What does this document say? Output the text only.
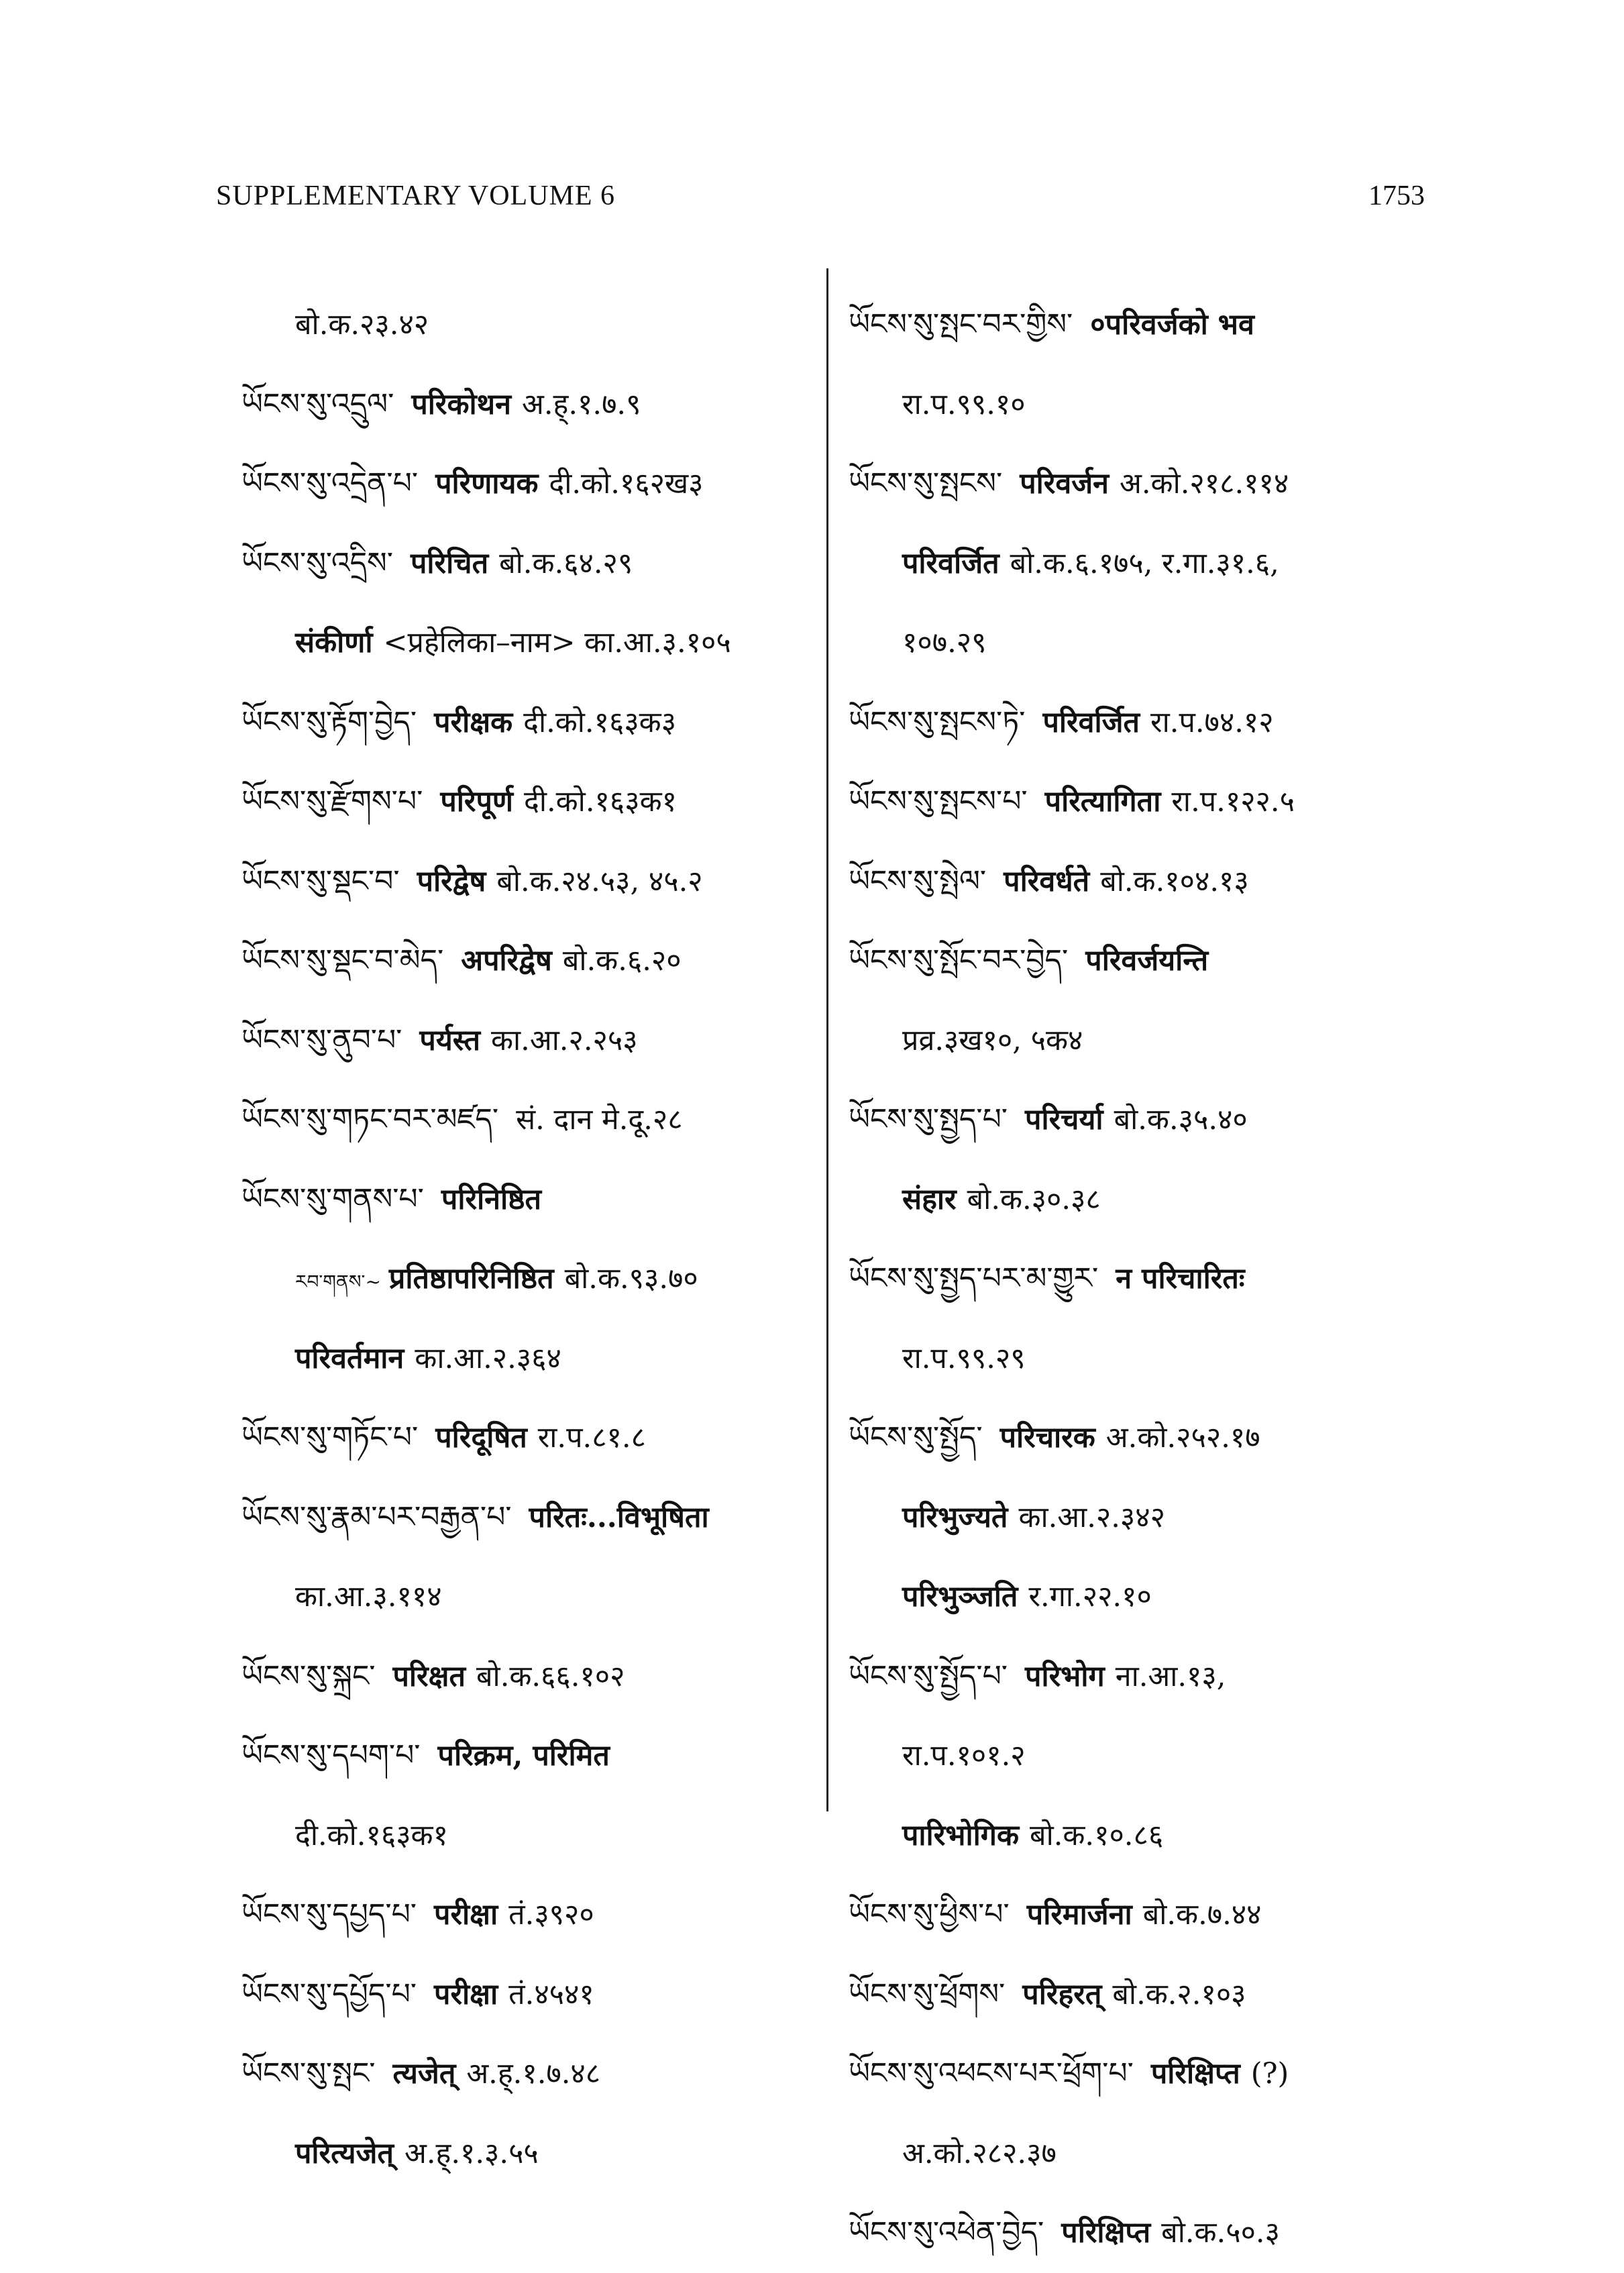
SUPPLEMENTARY VOLUME 6	1753
बो.क.२३.४२
ཡོངས་སུ་འདྲུལ་ परिकोथन अ.ह्.१.७.९
ཡོངས་སུ་འདྲེན་པ་ परिणायक दी.को.१६२ख३
ཡོངས་སུ་འདྲིས་ परिचित बो.क.६४.२९
संकीर्णा <प्रहेलिका–नाम> का.आ.३.१०५
ཡོངས་སུ་རྟོག་བྱེད་ परीक्षक दी.को.१६३क३
ཡོངས་སུ་རྫོགས་པ་ परिपूर्ण दी.को.१६३क१
ཡོངས་སུ་སྡང་བ་ परिद्वेष बो.क.२४.५३, ४५.२
ཡོངས་སུ་སྡང་བ་མེད་ अपरिद्वेष बो.क.६.२०
ཡོངས་སུ་ནུབ་པ་ पर्यस्त का.आ.२.२५३
ཡོངས་སུ་གཏང་བར་མཛད་ सं. दान मे.दू.२८
ཡོངས་སུ་གནས་པ་ परिनिष्ठित
རབ་གནས་~ प्रतिष्ठापरिनिष्ठित बो.क.९३.७०
परिवर्तमान का.आ.२.३६४
ཡོངས་སུ་གཏོང་པ་ परिदूषित रा.प.८१.८
ཡོངས་སུ་རྣམ་པར་བརྒྱན་པ་ परितः...विभूषिता
का.आ.३.११४
ཡོངས་སུ་སྐྲང་ परिक्षत बो.क.६६.१०२
ཡོངས་སུ་དཔག་པ་ परिक्रम, परिमित
दी.को.१६३क१
ཡོངས་སུ་དཔྱད་པ་ परीक्षा तं.३९२०
ཡོངས་སུ་དཔྱོད་པ་ परीक्षा तं.४५४१
ཡོངས་སུ་སྤང་ त्यजेत् अ.ह्.१.७.४८
परित्यजेत् अ.ह्.१.३.५५
ཡོངས་སུ་སྤང་བར་གྱིས་ ०परिवर्जको भव
रा.प.९९.१०
ཡོངས་སུ་སྤངས་ परिवर्जन अ.को.२१८.११४
परिवर्जित बो.क.६.१७५, र.गा.३१.६,
१०७.२९
ཡོངས་སུ་སྤངས་ཏེ་ परिवर्जित रा.प.७४.१२
ཡོངས་སུ་སྤངས་པ་ परित्यागिता रा.प.१२२.५
ཡོངས་སུ་སྤེལ་ परिवर्धते बो.क.१०४.१३
ཡོངས་སུ་སྤོང་བར་བྱེད་ परिवर्जयन्ति
प्रव्र.३ख१०, ५क४
ཡོངས་སུ་སྤྱད་པ་ परिचर्या बो.क.३५.४०
संहार बो.क.३०.३८
ཡོངས་སུ་སྤྱད་པར་མ་གྱུར་ न परिचारितः
रा.प.९९.२९
ཡོངས་སུ་སྤྱོད་ परिचारक अ.को.२५२.१७
परिभुज्यते का.आ.२.३४२
परिभुञ्जति र.गा.२२.१०
ཡོངས་སུ་སྤྱོད་པ་ परिभोग ना.आ.१३,
रा.प.१०१.२
पारिभोगिक बो.क.१०.८६
ཡོངས་སུ་ཕྱིས་པ་ परिमार्जना बो.क.७.४४
ཡོངས་སུ་ཕྲོགས་ परिहरत् बो.क.२.१०३
ཡོངས་སུ་འཕངས་པར་ཕྲོག་པ་ परिक्षिप्त (?)
अ.को.२८२.३७
ཡོངས་སུ་འཕེན་བྱེད་ परिक्षिप्त बो.क.५०.३
